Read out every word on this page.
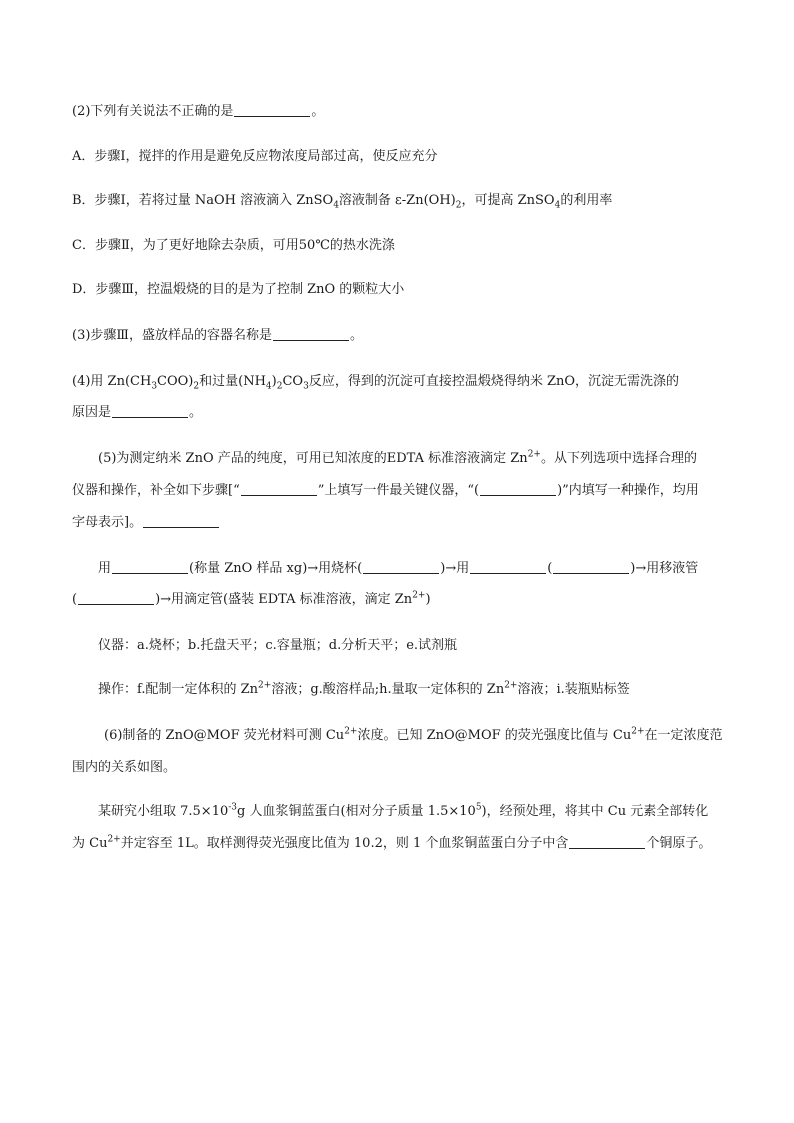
(2)下列有关说法不正确的是	。
A．步骤Ⅰ，搅拌的作用是避免反应物浓度局部过高，使反应充分
B．步骤Ⅰ，若将过量 NaOH 溶液滴入 ZnSO$_4$溶液制备 $\varepsilon-Zn(OH)_2$，可提高 ZnSO$_4$的利用率
C．步骤Ⅱ，为了更好地除去杂质，可用50℃的热水洗涤
D．步骤Ⅲ，控温煅烧的目的是为了控制 ZnO 的颗粒大小
(3)步骤Ⅲ，盛放样品的容器名称是	。
(4)用 $Zn(CH_3COO)_2$和过量$(NH_4)_2CO_3$反应，得到的沉淀可直接控温煅烧得纳米 ZnO，沉淀无需洗涤的
原因是	。
(5)为测定纳米 ZnO 产品的纯度，可用已知浓度的EDTA 标准溶液滴定 $Zn^{2+}$。从下列选项中选择合理的
仪器和操作，补全如下步骤[“	”上填写一件最关键仪器，“(	)”内填写一种操作，均用
字母表示]。
用	(称量 ZnO 样品 xg)→用烧杯(	)→用	(	)→用移液管
(	)→用滴定管(盛装 EDTA 标准溶液，滴定 $Zn^{2+}$)
仪器：a.烧杯；b.托盘天平；c.容量瓶；d.分析天平；e.试剂瓶
操作：f.配制一定体积的 $Zn^{2+}$溶液；g.酸溶样品;h.量取一定体积的 $Zn^{2+}$溶液；i.装瓶贴标签
(6)制备的 ZnO@MOF 荧光材料可测 $Cu^{2+}$浓度。已知 ZnO@MOF 的荧光强度比值与 $Cu^{2+}$在一定浓度范
围内的关系如图。
某研究小组取 $7.5\times 10^{-3}g$ 人血浆铜蓝蛋白(相对分子质量 $1.5\times 10^5$)，经预处理，将其中 Cu 元素全部转化
为 $Cu^{2+}$并定容至 1L。取样测得荧光强度比值为 10.2，则 1 个血浆铜蓝蛋白分子中含	个铜原子。
